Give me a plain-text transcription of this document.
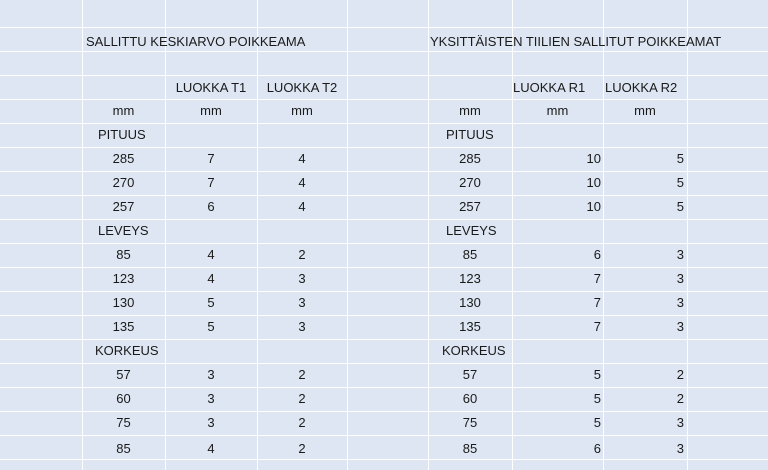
SALLITTU KESKIARVO POIKKEAMA
LUOKKA T1	LUOKKA T2
mm	mm	mm
PITUUS
285	7	4
270	7	4
257	6	4
LEVEYS
85	4	2
123	4	3
130	5	3
135	5	3
KORKEUS
57	3	2
60	3	2
75	3	2
85	4	2
YKSITTÄISTEN TIILIEN SALLITUT POIKKEAMAT
LUOKKA R1	LUOKKA R2
mm	mm	mm
PITUUS
285	10	5
270	10	5
257	10	5
LEVEYS
85	6	3
123	7	3
130	7	3
135	7	3
KORKEUS
57	5	2
60	5	2
75	5	3
85	6	3
